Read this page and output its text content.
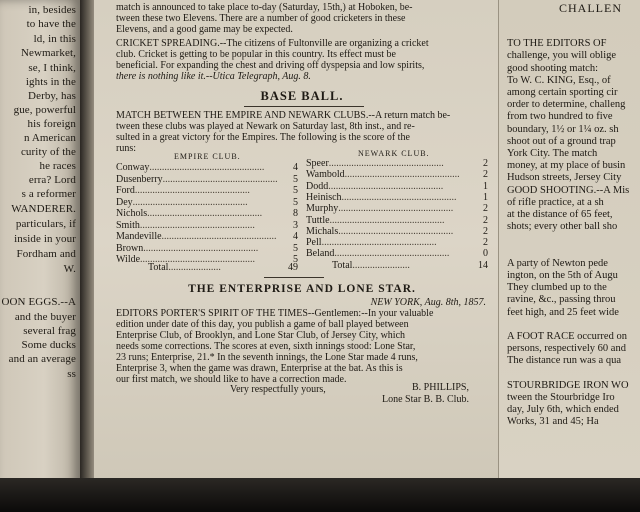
in, besides
to have the
ld, in this
Newmarket,
se, I think,
ights in the
Derby, has
gue, powerful
his foreign
n American
curity of the
he races
erra? Lord
s a reformer
WANDERER.
particulars, if
inside in your
Fordham and
W.
OON EGGS.--A
and the buyer
several frag
Some ducks
and an average
ss
match is announced to take place to-day (Saturday, 15th,) at Hoboken, be-
tween these two Elevens. There are a number of good cricketers in these
Elevens, and a good game may be expected.
CRICKET SPREADING.--The citizens of Fultonville are organizing a cricket
club. Cricket is getting to be popular in this country. Its effect must be
beneficial. For expanding the chest and driving off dyspepsia and low spirits,
there is nothing like it.--Utica Telegraph, Aug. 8.
BASE BALL.
MATCH BETWEEN THE EMPIRE AND NEWARK CLUBS.--A return match be-
tween these clubs was played at Newark on Saturday last, 8th inst., and re-
sulted in a great victory for the Empires. The following is the score of the
runs:
EMPIRE CLUB.	NEWARK CLUB.
Conway..............................................	4
Dusenberry..............................................	5
Ford..............................................	5
Dey..............................................	5
Nichols..............................................	8
Smith..............................................	3
Mandeville..............................................	4
Brown..............................................	5
Wilde..............................................	5
Speer..............................................	2
Wambold..............................................	2
Dodd..............................................	1
Heinisch..............................................	1
Murphy..............................................	2
Tuttle..............................................	2
Michals..............................................	2
Pell..............................................	2
Beland..............................................	0
Total.....................	49	Total.......................	14
THE ENTERPRISE AND LONE STAR.
NEW YORK, Aug. 8th, 1857.
EDITORS PORTER'S SPIRIT OF THE TIMES--Gentlemen:--In your valuable
edition under date of this day, you publish a game of ball played between
Enterprise Club, of Brooklyn, and Lone Star Club, of Jersey City, which
needs some corrections. The scores at even, sixth innings stood: Lone Star,
23 runs; Enterprise, 21.* In the seventh innings, the Lone Star made 4 runs,
Enterprise 3, when the game was drawn, Enterprise at the bat. As this is
our first match, we should like to have a correction made.
Very respectfully yours,	B. PHILLIPS,
Lone Star B. B. Club.
CHALLEN
TO THE EDITORS OF
challenge, you will oblige
good shooting match:
To W. C. KING, Esq., of
among certain sporting cir
order to determine, challeng
from two hundred to five
boundary, 1½ or 1¼ oz. sh
shoot out of a ground trap
York City. The match
money, at my place of busin
Hudson streets, Jersey City
GOOD SHOOTING.--A Mis
of rifle practice, at a sh
at the distance of 65 feet,
shots; every other ball sho
A party of Newton pede
ington, on the 5th of Augu
They clumbed up to the
ravine, &c., passing throu
feet high, and 25 feet wide
A FOOT RACE occurred on
persons, respectively 60 and
The distance run was a qua
STOURBRIDGE IRON WO
tween the Stourbridge Iro
day, July 6th, which ended
Works, 31 and 45; Ha
